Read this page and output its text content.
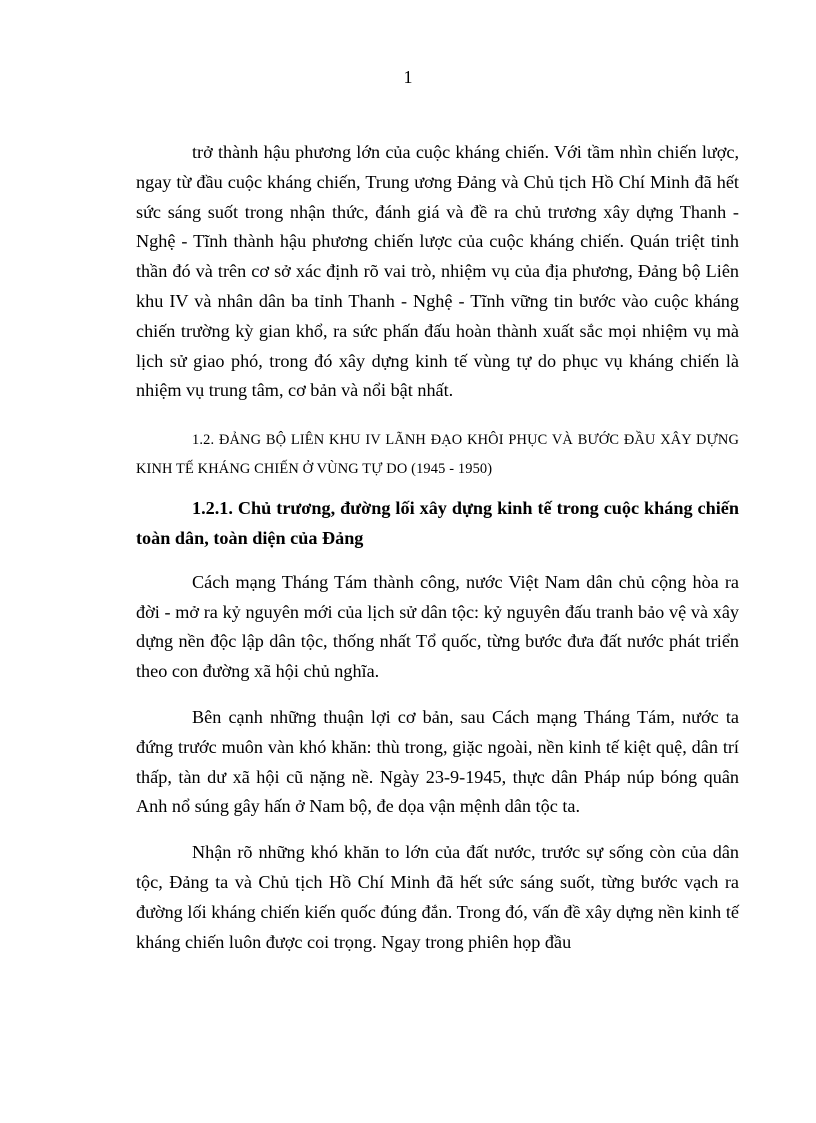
1

trở thành hậu phương lớn của cuộc kháng chiến. Với tầm nhìn chiến lược, ngay từ đầu cuộc kháng chiến, Trung ương Đảng và Chủ tịch Hồ Chí Minh đã hết sức sáng suốt trong nhận thức, đánh giá và đề ra chủ trương xây dựng Thanh - Nghệ - Tĩnh thành hậu phương chiến lược của cuộc kháng chiến. Quán triệt tinh thần đó và trên cơ sở xác định rõ vai trò, nhiệm vụ của địa phương, Đảng bộ Liên khu IV và nhân dân ba tỉnh Thanh - Nghệ - Tĩnh vững tin bước vào cuộc kháng chiến trường kỳ gian khổ, ra sức phấn đấu hoàn thành xuất sắc mọi nhiệm vụ mà lịch sử giao phó, trong đó xây dựng kinh tế vùng tự do phục vụ kháng chiến là nhiệm vụ trung tâm, cơ bản và nổi bật nhất.

1.2. ĐẢNG BỘ LIÊN KHU IV LÃNH ĐẠO KHÔI PHỤC VÀ BƯỚC ĐẦU XÂY DỰNG KINH TẾ KHÁNG CHIẾN Ở VÙNG TỰ DO (1945 - 1950)
1.2.1. Chủ trương, đường lối xây dựng kinh tế trong cuộc kháng chiến toàn dân, toàn diện của Đảng

Cách mạng Tháng Tám thành công, nước Việt Nam dân chủ cộng hòa ra đời - mở ra kỷ nguyên mới của lịch sử dân tộc: kỷ nguyên đấu tranh bảo vệ và xây dựng nền độc lập dân tộc, thống nhất Tổ quốc, từng bước đưa đất nước phát triển theo con đường xã hội chủ nghĩa.

Bên cạnh những thuận lợi cơ bản, sau Cách mạng Tháng Tám, nước ta đứng trước muôn vàn khó khăn: thù trong, giặc ngoài, nền kinh tế kiệt quệ, dân trí thấp, tàn dư xã hội cũ nặng nề. Ngày 23-9-1945, thực dân Pháp núp bóng quân Anh nổ súng gây hấn ở Nam bộ, đe dọa vận mệnh dân tộc ta.

Nhận rõ những khó khăn to lớn của đất nước, trước sự sống còn của dân tộc, Đảng ta và Chủ tịch Hồ Chí Minh đã hết sức sáng suốt, từng bước vạch ra đường lối kháng chiến kiến quốc đúng đắn. Trong đó, vấn đề xây dựng nền kinh tế kháng chiến luôn được coi trọng. Ngay trong phiên họp đầu
